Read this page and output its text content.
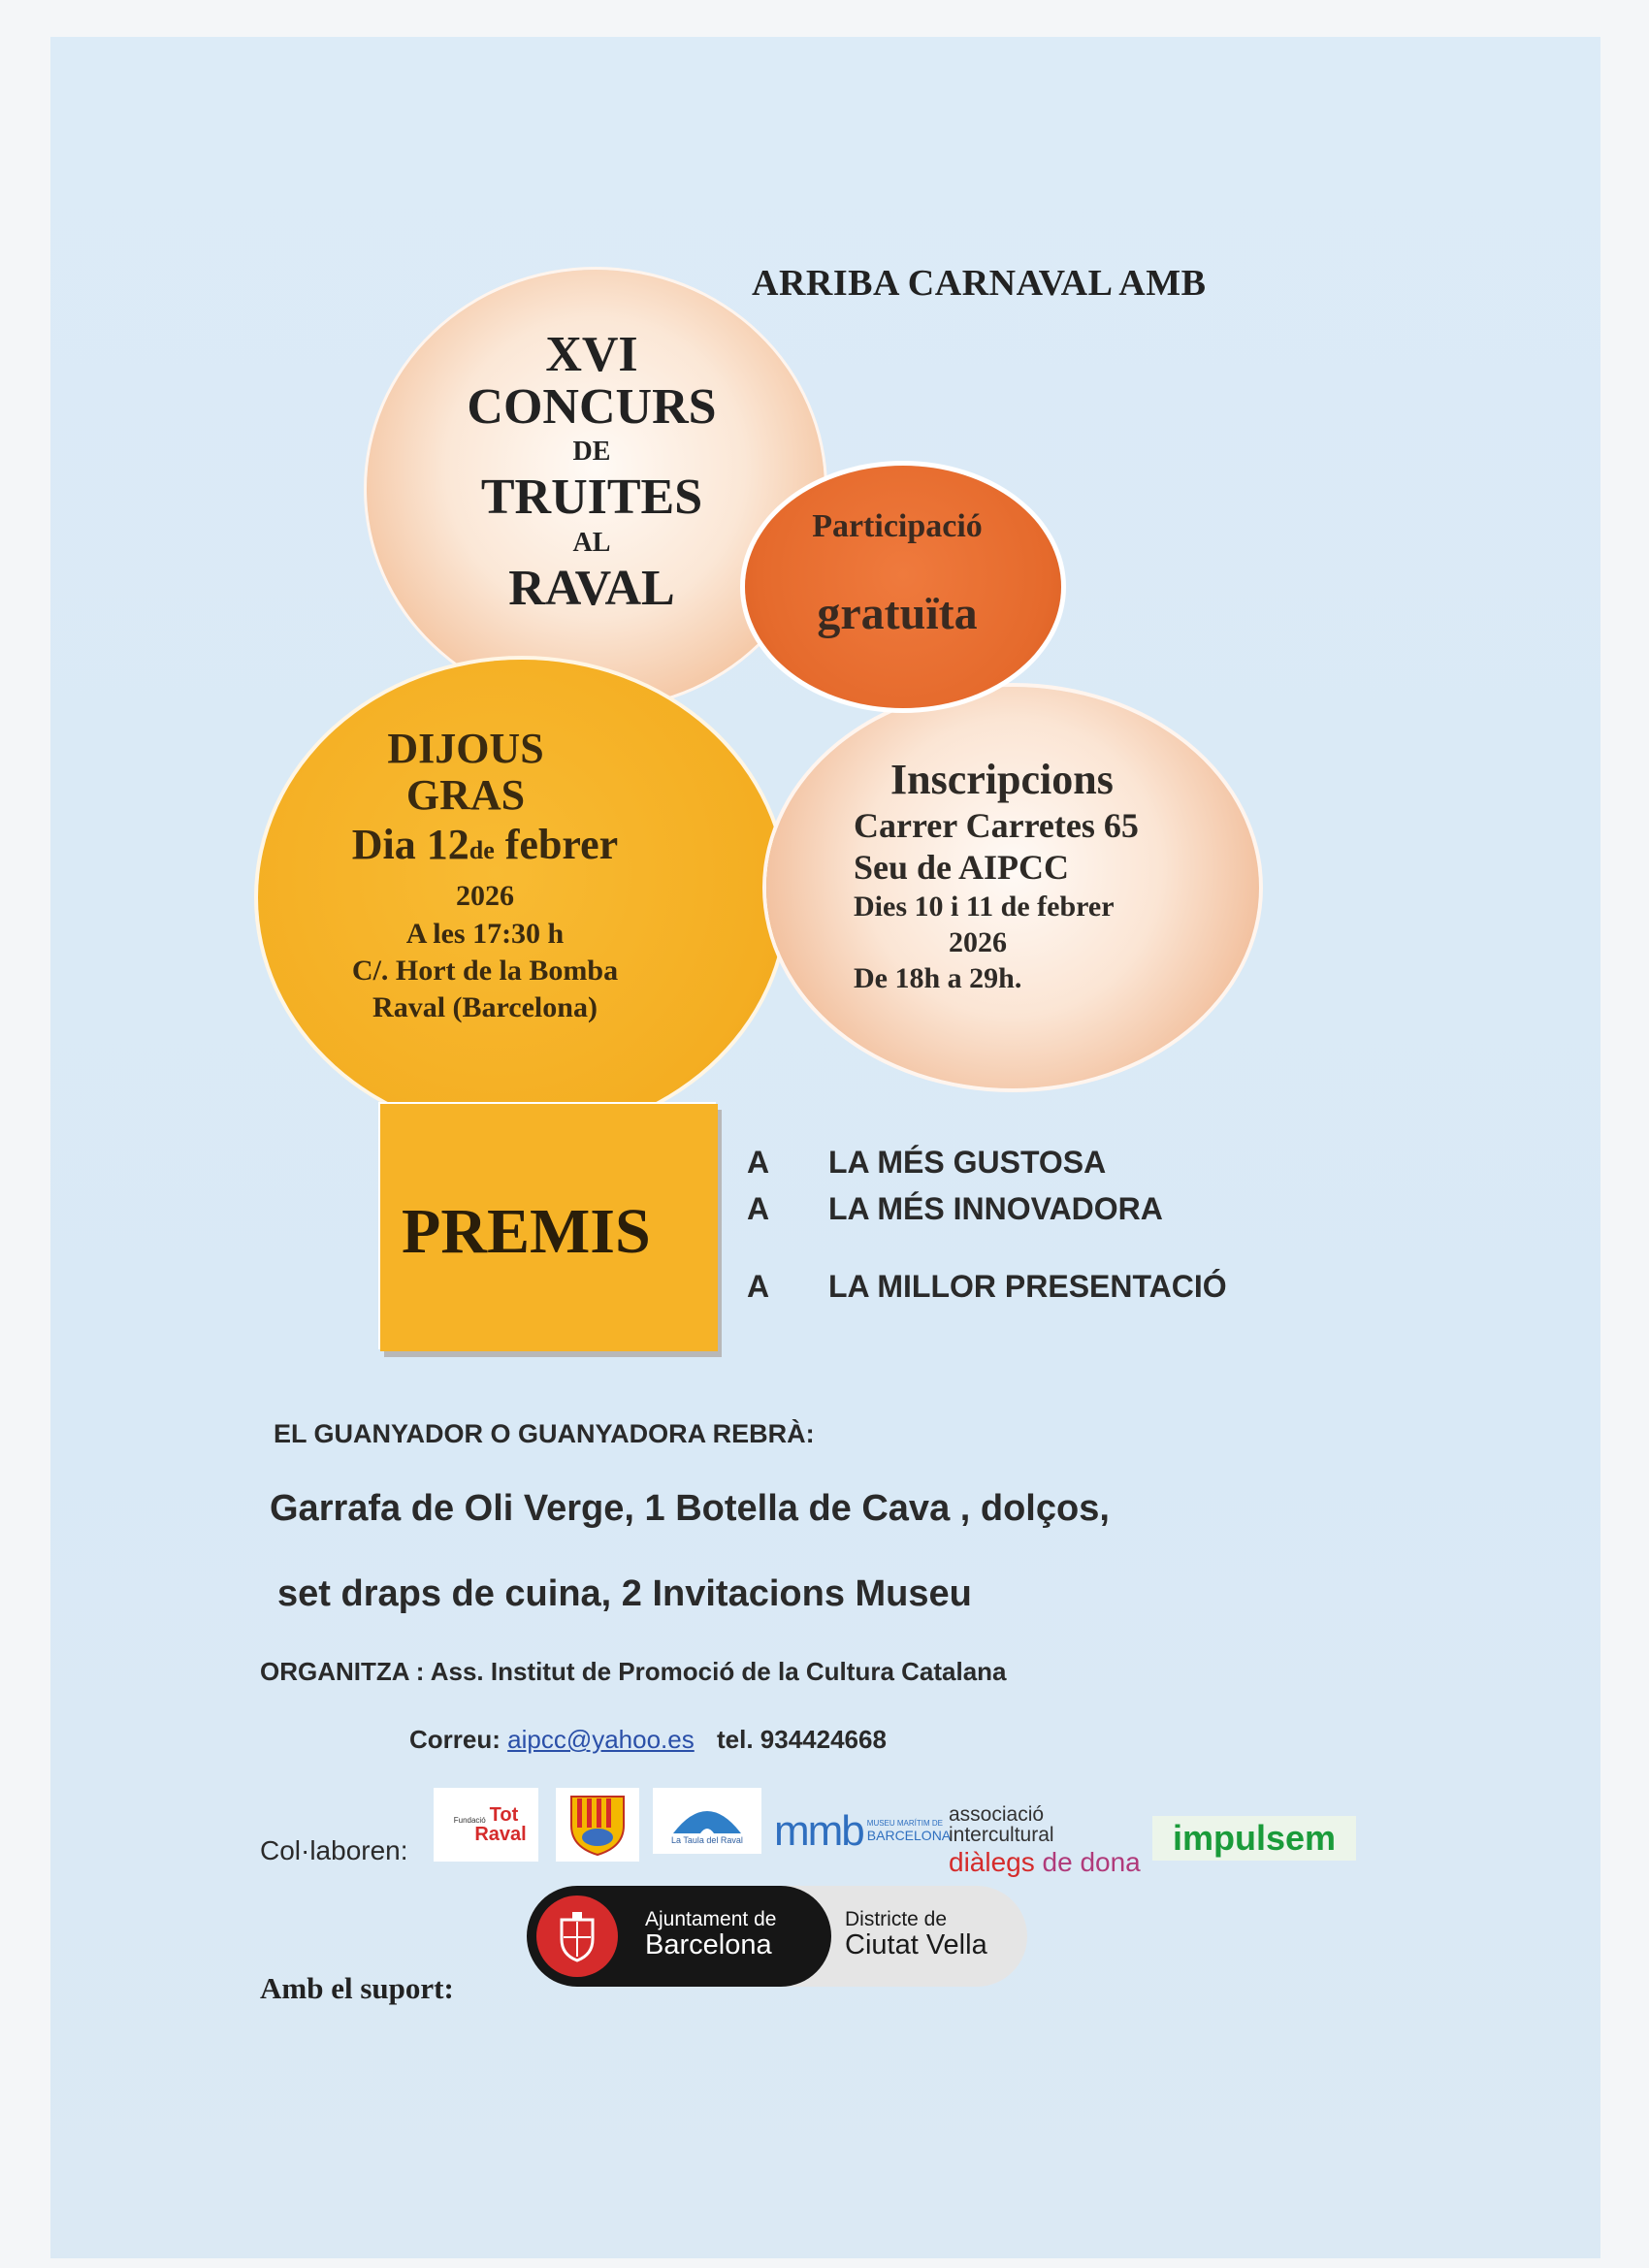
ARRIBA CARNAVAL AMB
XVI
CONCURS
DE
TRUITES
AL
RAVAL
Participació
gratuïta
DIJOUS
GRAS
Dia 12de febrer
2026
A les 17:30 h
C/. Hort de la Bomba
Raval (Barcelona)
Inscripcions
Carrer Carretes 65
Seu de AIPCC
Dies 10 i 11 de febrer
2026
De 18h a 29h.
PREMIS
A	LA MÉS GUSTOSA
A	LA MÉS INNOVADORA
A	LA MILLOR PRESENTACIÓ
EL GUANYADOR O GUANYADORA REBRÀ:
Garrafa de Oli Verge, 1 Botella de Cava , dolços,
set draps de cuina, 2 Invitacions Museu
ORGANITZA : Ass. Institut de Promoció de la Cultura Catalana
Correu: aipcc@yahoo.es tel. 934424668
Col·laboren:
Fundació Tot
Raval	La Taula del Raval mmb MUSEU MARÍTIM DE
BARCELONA
associació intercultural
diàlegs de dona
impulsem
Amb el suport:
Ajuntament de
Barcelona
Districte de
Ciutat Vella
